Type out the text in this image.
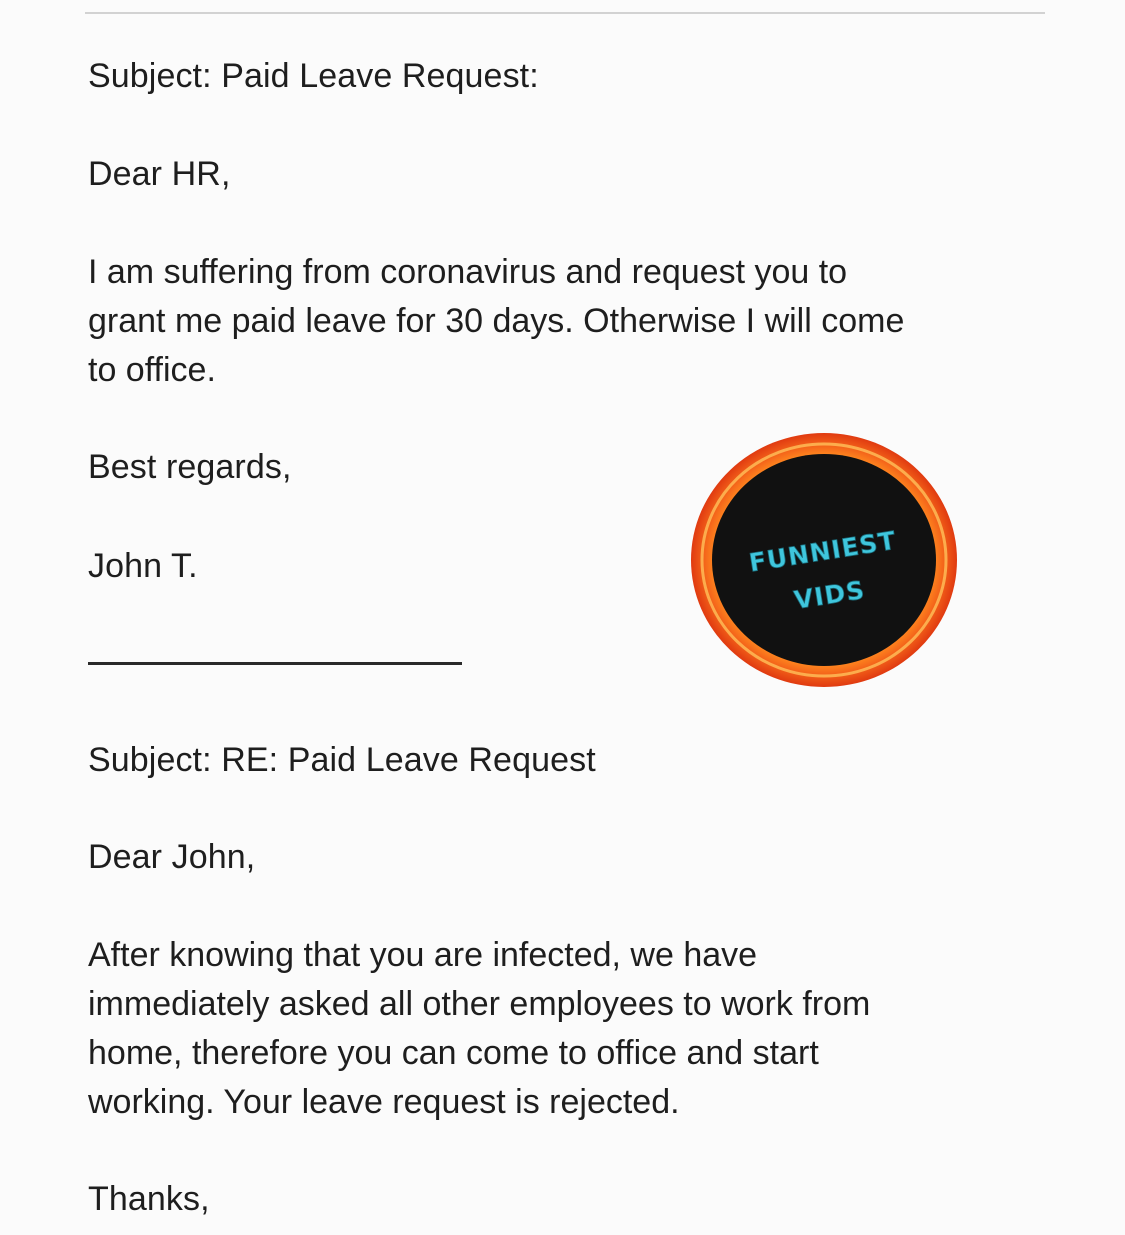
Subject: Paid Leave Request:
Dear HR,
I am suffering from coronavirus and request you to
grant me paid leave for 30 days. Otherwise I will come
to office.
Best regards,
John T.	FUNNIEST
VIDS
Subject: RE: Paid Leave Request
Dear John,
After knowing that you are infected, we have
immediately asked all other employees to work from
home, therefore you can come to office and start
working. Your leave request is rejected.
Thanks,
